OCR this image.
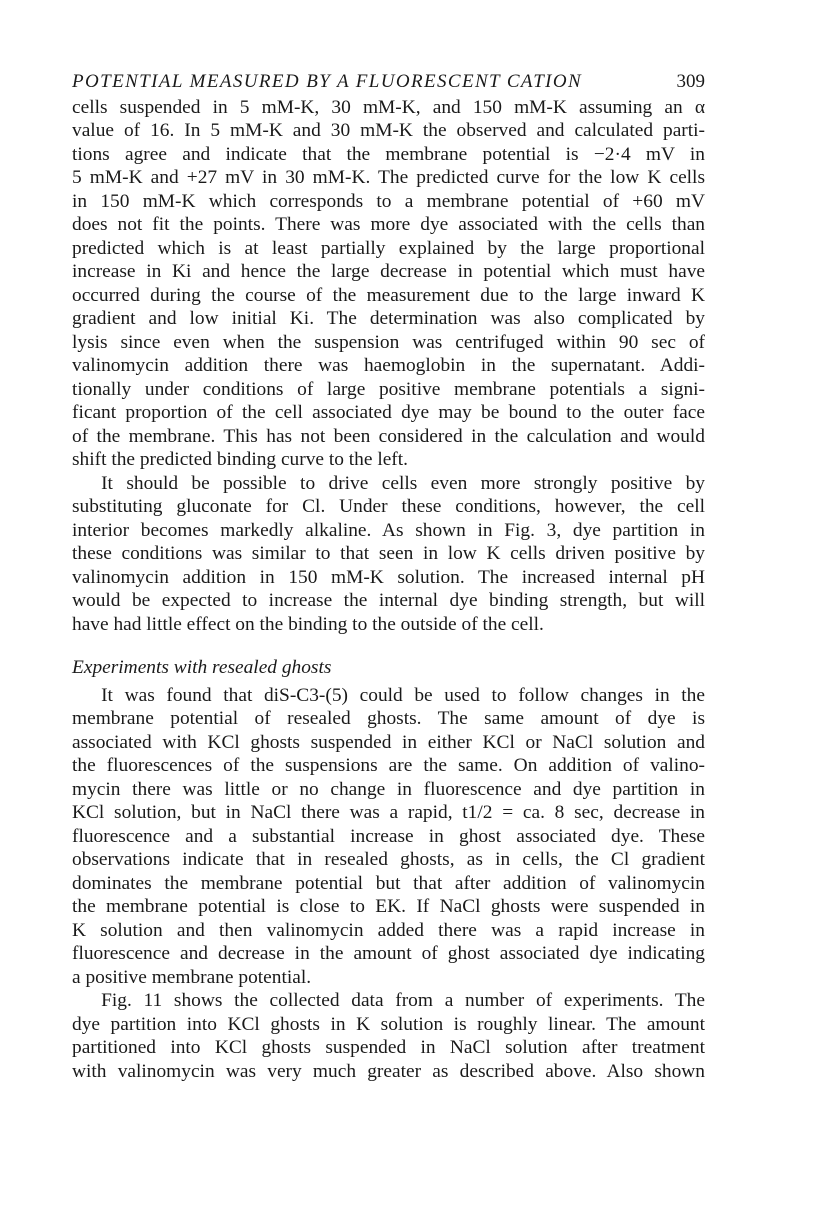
POTENTIAL MEASURED BY A FLUORESCENT CATION	309

cells suspended in 5 mM-K, 30 mM-K, and 150 mM-K assuming an α
value of 16. In 5 mM-K and 30 mM-K the observed and calculated parti-
tions agree and indicate that the membrane potential is −2·4 mV in
5 mM-K and +27 mV in 30 mM-K. The predicted curve for the low K cells
in 150 mM-K which corresponds to a membrane potential of +60 mV
does not fit the points. There was more dye associated with the cells than
predicted which is at least partially explained by the large proportional
increase in Ki and hence the large decrease in potential which must have
occurred during the course of the measurement due to the large inward K
gradient and low initial Ki. The determination was also complicated by
lysis since even when the suspension was centrifuged within 90 sec of
valinomycin addition there was haemoglobin in the supernatant. Addi-
tionally under conditions of large positive membrane potentials a signi-
ficant proportion of the cell associated dye may be bound to the outer face
of the membrane. This has not been considered in the calculation and would
shift the predicted binding curve to the left.

It should be possible to drive cells even more strongly positive by
substituting gluconate for Cl. Under these conditions, however, the cell
interior becomes markedly alkaline. As shown in Fig. 3, dye partition in
these conditions was similar to that seen in low K cells driven positive by
valinomycin addition in 150 mM-K solution. The increased internal pH
would be expected to increase the internal dye binding strength, but will
have had little effect on the binding to the outside of the cell.

Experiments with resealed ghosts

It was found that diS-C3-(5) could be used to follow changes in the
membrane potential of resealed ghosts. The same amount of dye is
associated with KCl ghosts suspended in either KCl or NaCl solution and
the fluorescences of the suspensions are the same. On addition of valino-
mycin there was little or no change in fluorescence and dye partition in
KCl solution, but in NaCl there was a rapid, t1/2 = ca. 8 sec, decrease in
fluorescence and a substantial increase in ghost associated dye. These
observations indicate that in resealed ghosts, as in cells, the Cl gradient
dominates the membrane potential but that after addition of valinomycin
the membrane potential is close to EK. If NaCl ghosts were suspended in
K solution and then valinomycin added there was a rapid increase in
fluorescence and decrease in the amount of ghost associated dye indicating
a positive membrane potential.

Fig. 11 shows the collected data from a number of experiments. The
dye partition into KCl ghosts in K solution is roughly linear. The amount
partitioned into KCl ghosts suspended in NaCl solution after treatment
with valinomycin was very much greater as described above. Also shown
